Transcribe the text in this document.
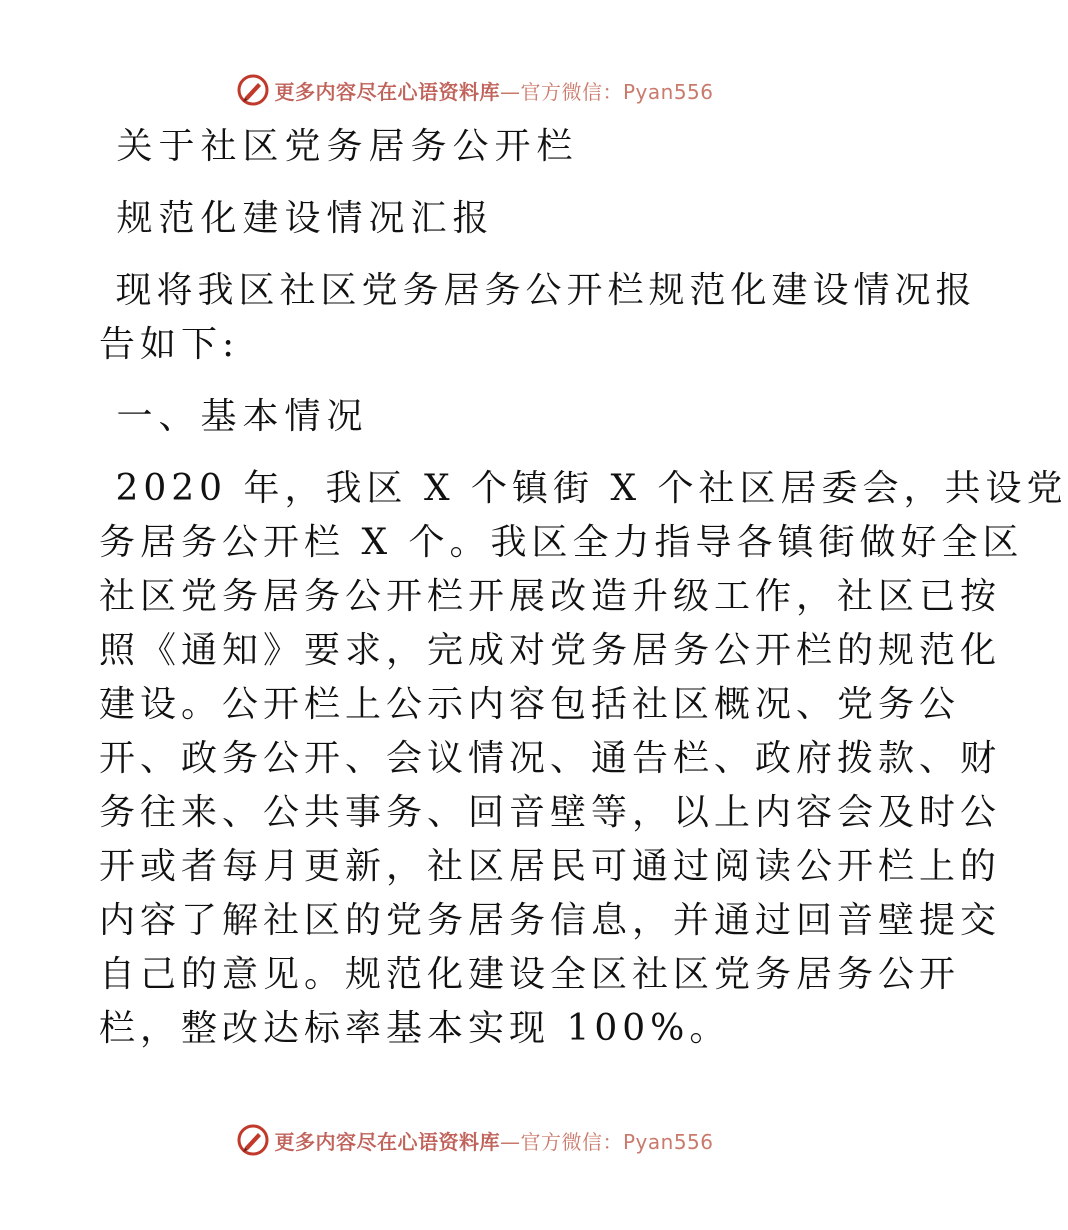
更多内容尽在心语资料库—官方微信：Pyan556

关于社区党务居务公开栏

规范化建设情况汇报

现将我区社区党务居务公开栏规范化建设情况报
告如下:

一、基本情况

2020 年，我区 X 个镇街 X 个社区居委会，共设党
务居务公开栏 X 个。我区全力指导各镇街做好全区
社区党务居务公开栏开展改造升级工作，社区已按
照《通知》要求，完成对党务居务公开栏的规范化
建设。公开栏上公示内容包括社区概况、党务公
开、政务公开、会议情况、通告栏、政府拨款、财
务往来、公共事务、回音壁等，以上内容会及时公
开或者每月更新，社区居民可通过阅读公开栏上的
内容了解社区的党务居务信息，并通过回音壁提交
自己的意见。规范化建设全区社区党务居务公开
栏，整改达标率基本实现 100%。
更多内容尽在心语资料库—官方微信：Pyan556
